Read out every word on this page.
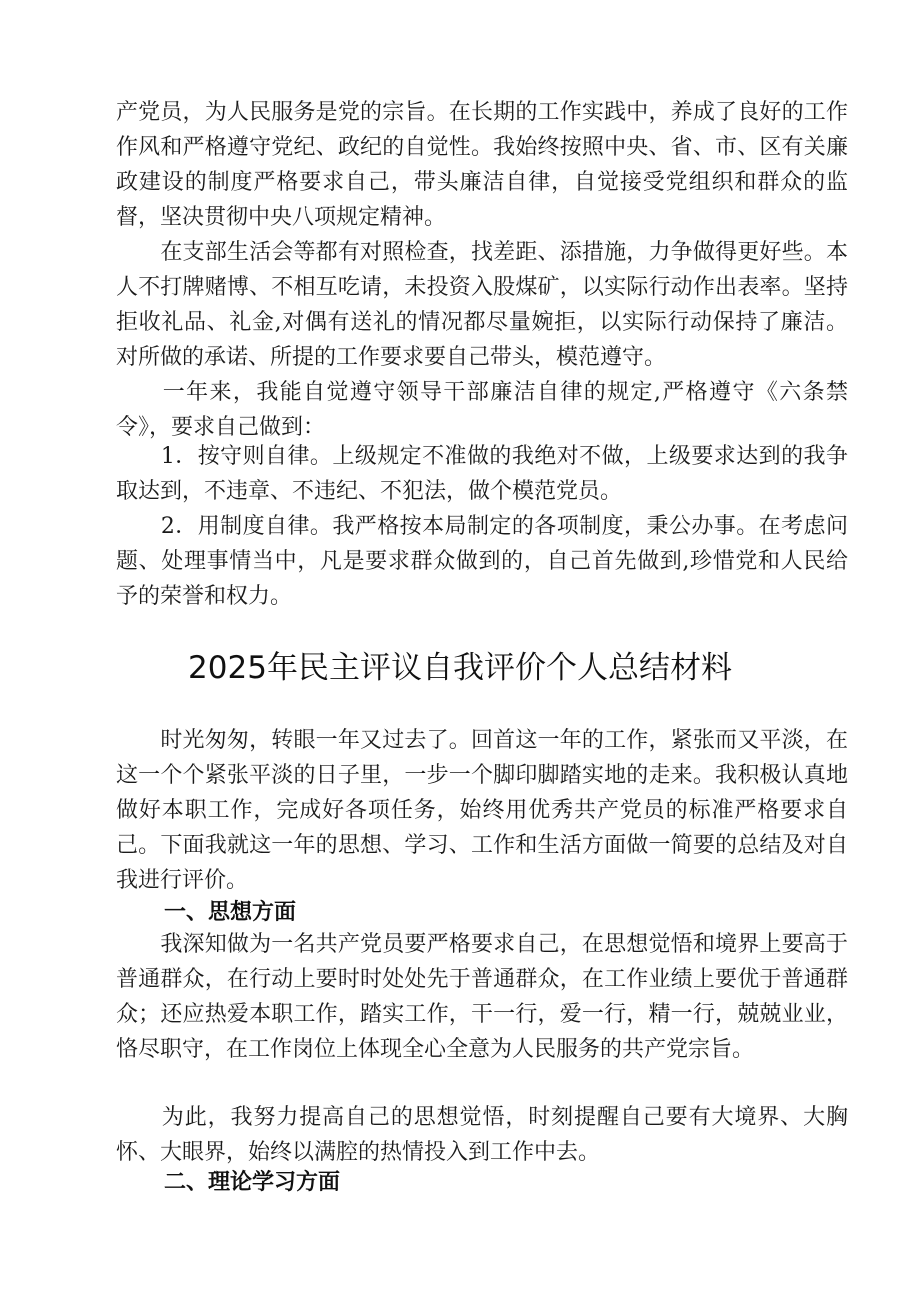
产党员，为人民服务是党的宗旨。在长期的工作实践中，养成了良好的工作作风和严格遵守党纪、政纪的自觉性。我始终按照中央、省、市、区有关廉政建设的制度严格要求自己，带头廉洁自律，自觉接受党组织和群众的监督，坚决贯彻中央八项规定精神。

　　在支部生活会等都有对照检查，找差距、添措施，力争做得更好些。本人不打牌赌博、不相互吃请，未投资入股煤矿，以实际行动作出表率。坚持拒收礼品、礼金,对偶有送礼的情况都尽量婉拒，以实际行动保持了廉洁。对所做的承诺、所提的工作要求要自己带头，模范遵守。

　　一年来，我能自觉遵守领导干部廉洁自律的规定,严格遵守《六条禁令》，要求自己做到：

　　1．按守则自律。上级规定不准做的我绝对不做，上级要求达到的我争取达到，不违章、不违纪、不犯法，做个模范党员。

　　2．用制度自律。我严格按本局制定的各项制度，秉公办事。在考虑问题、处理事情当中，凡是要求群众做到的，自己首先做到,珍惜党和人民给予的荣誉和权力。

2025年民主评议自我评价个人总结材料

　　时光匆匆，转眼一年又过去了。回首这一年的工作，紧张而又平淡，在这一个个紧张平淡的日子里，一步一个脚印脚踏实地的走来。我积极认真地做好本职工作，完成好各项任务，始终用优秀共产党员的标准严格要求自己。下面我就这一年的思想、学习、工作和生活方面做一简要的总结及对自我进行评价。

一、思想方面

　　我深知做为一名共产党员要严格要求自己，在思想觉悟和境界上要高于普通群众，在行动上要时时处处先于普通群众，在工作业绩上要优于普通群众；还应热爱本职工作，踏实工作，干一行，爱一行，精一行，兢兢业业，恪尽职守，在工作岗位上体现全心全意为人民服务的共产党宗旨。

　　为此，我努力提高自己的思想觉悟，时刻提醒自己要有大境界、大胸怀、大眼界，始终以满腔的热情投入到工作中去。

二、理论学习方面
